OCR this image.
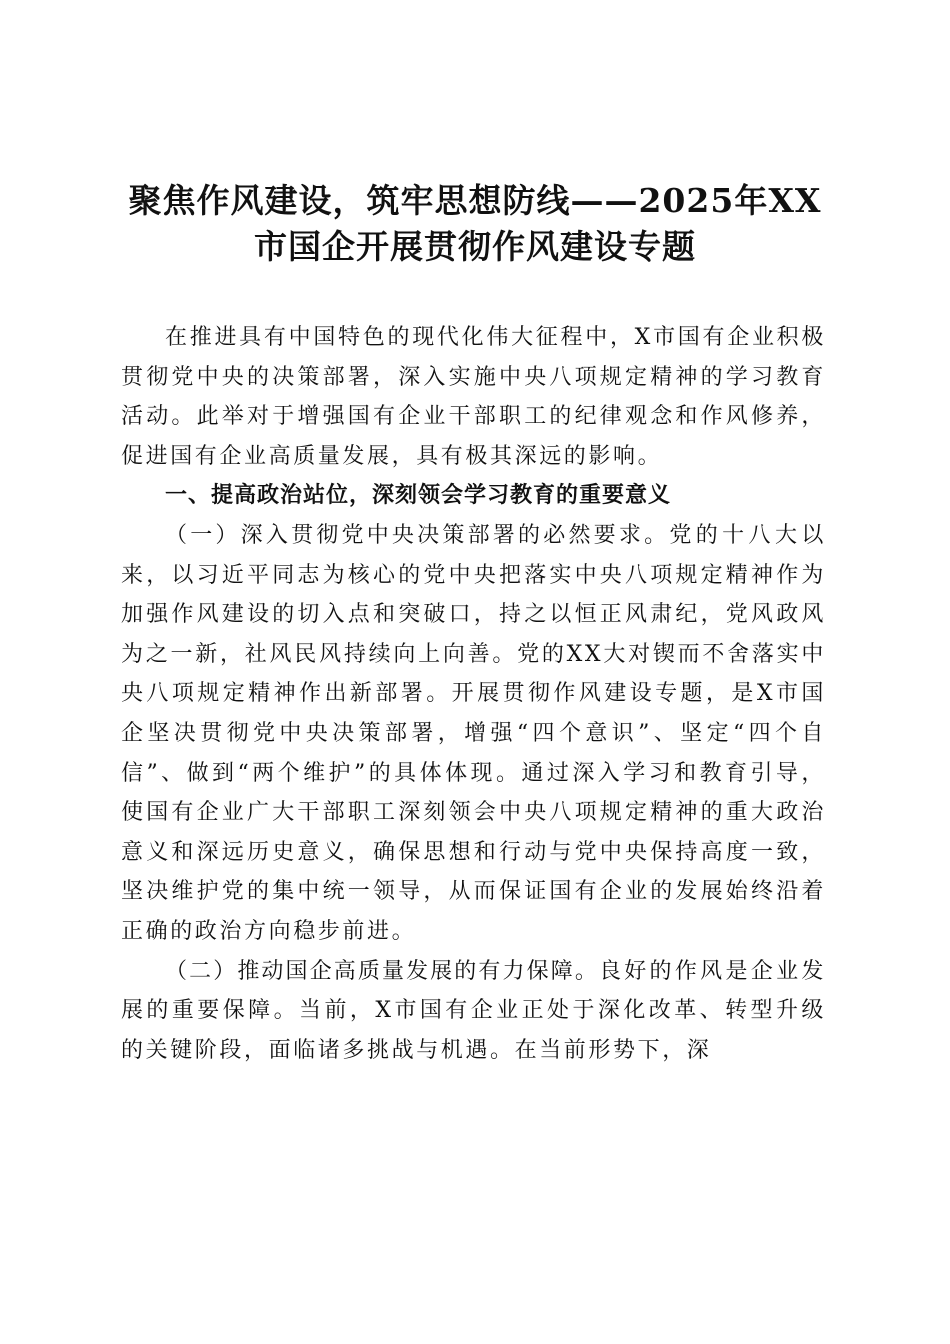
聚焦作风建设，筑牢思想防线——2025年XX
市国企开展贯彻作风建设专题

在推进具有中国特色的现代化伟大征程中，X市国有企业积极贯彻党中央的决策部署，深入实施中央八项规定精神的学习教育活动。此举对于增强国有企业干部职工的纪律观念和作风修养，促进国有企业高质量发展，具有极其深远的影响。

一、提高政治站位，深刻领会学习教育的重要意义

（一）深入贯彻党中央决策部署的必然要求。党的十八大以来，以习近平同志为核心的党中央把落实中央八项规定精神作为加强作风建设的切入点和突破口，持之以恒正风肃纪，党风政风为之一新，社风民风持续向上向善。党的XX大对锲而不舍落实中央八项规定精神作出新部署。开展贯彻作风建设专题，是X市国企坚决贯彻党中央决策部署，增强“四个意识”、坚定“四个自信”、做到“两个维护”的具体体现。通过深入学习和教育引导，使国有企业广大干部职工深刻领会中央八项规定精神的重大政治意义和深远历史意义，确保思想和行动与党中央保持高度一致，坚决维护党的集中统一领导，从而保证国有企业的发展始终沿着正确的政治方向稳步前进。

（二）推动国企高质量发展的有力保障。良好的作风是企业发展的重要保障。当前，X市国有企业正处于深化改革、转型升级的关键阶段，面临诸多挑战与机遇。在当前形势下，深
